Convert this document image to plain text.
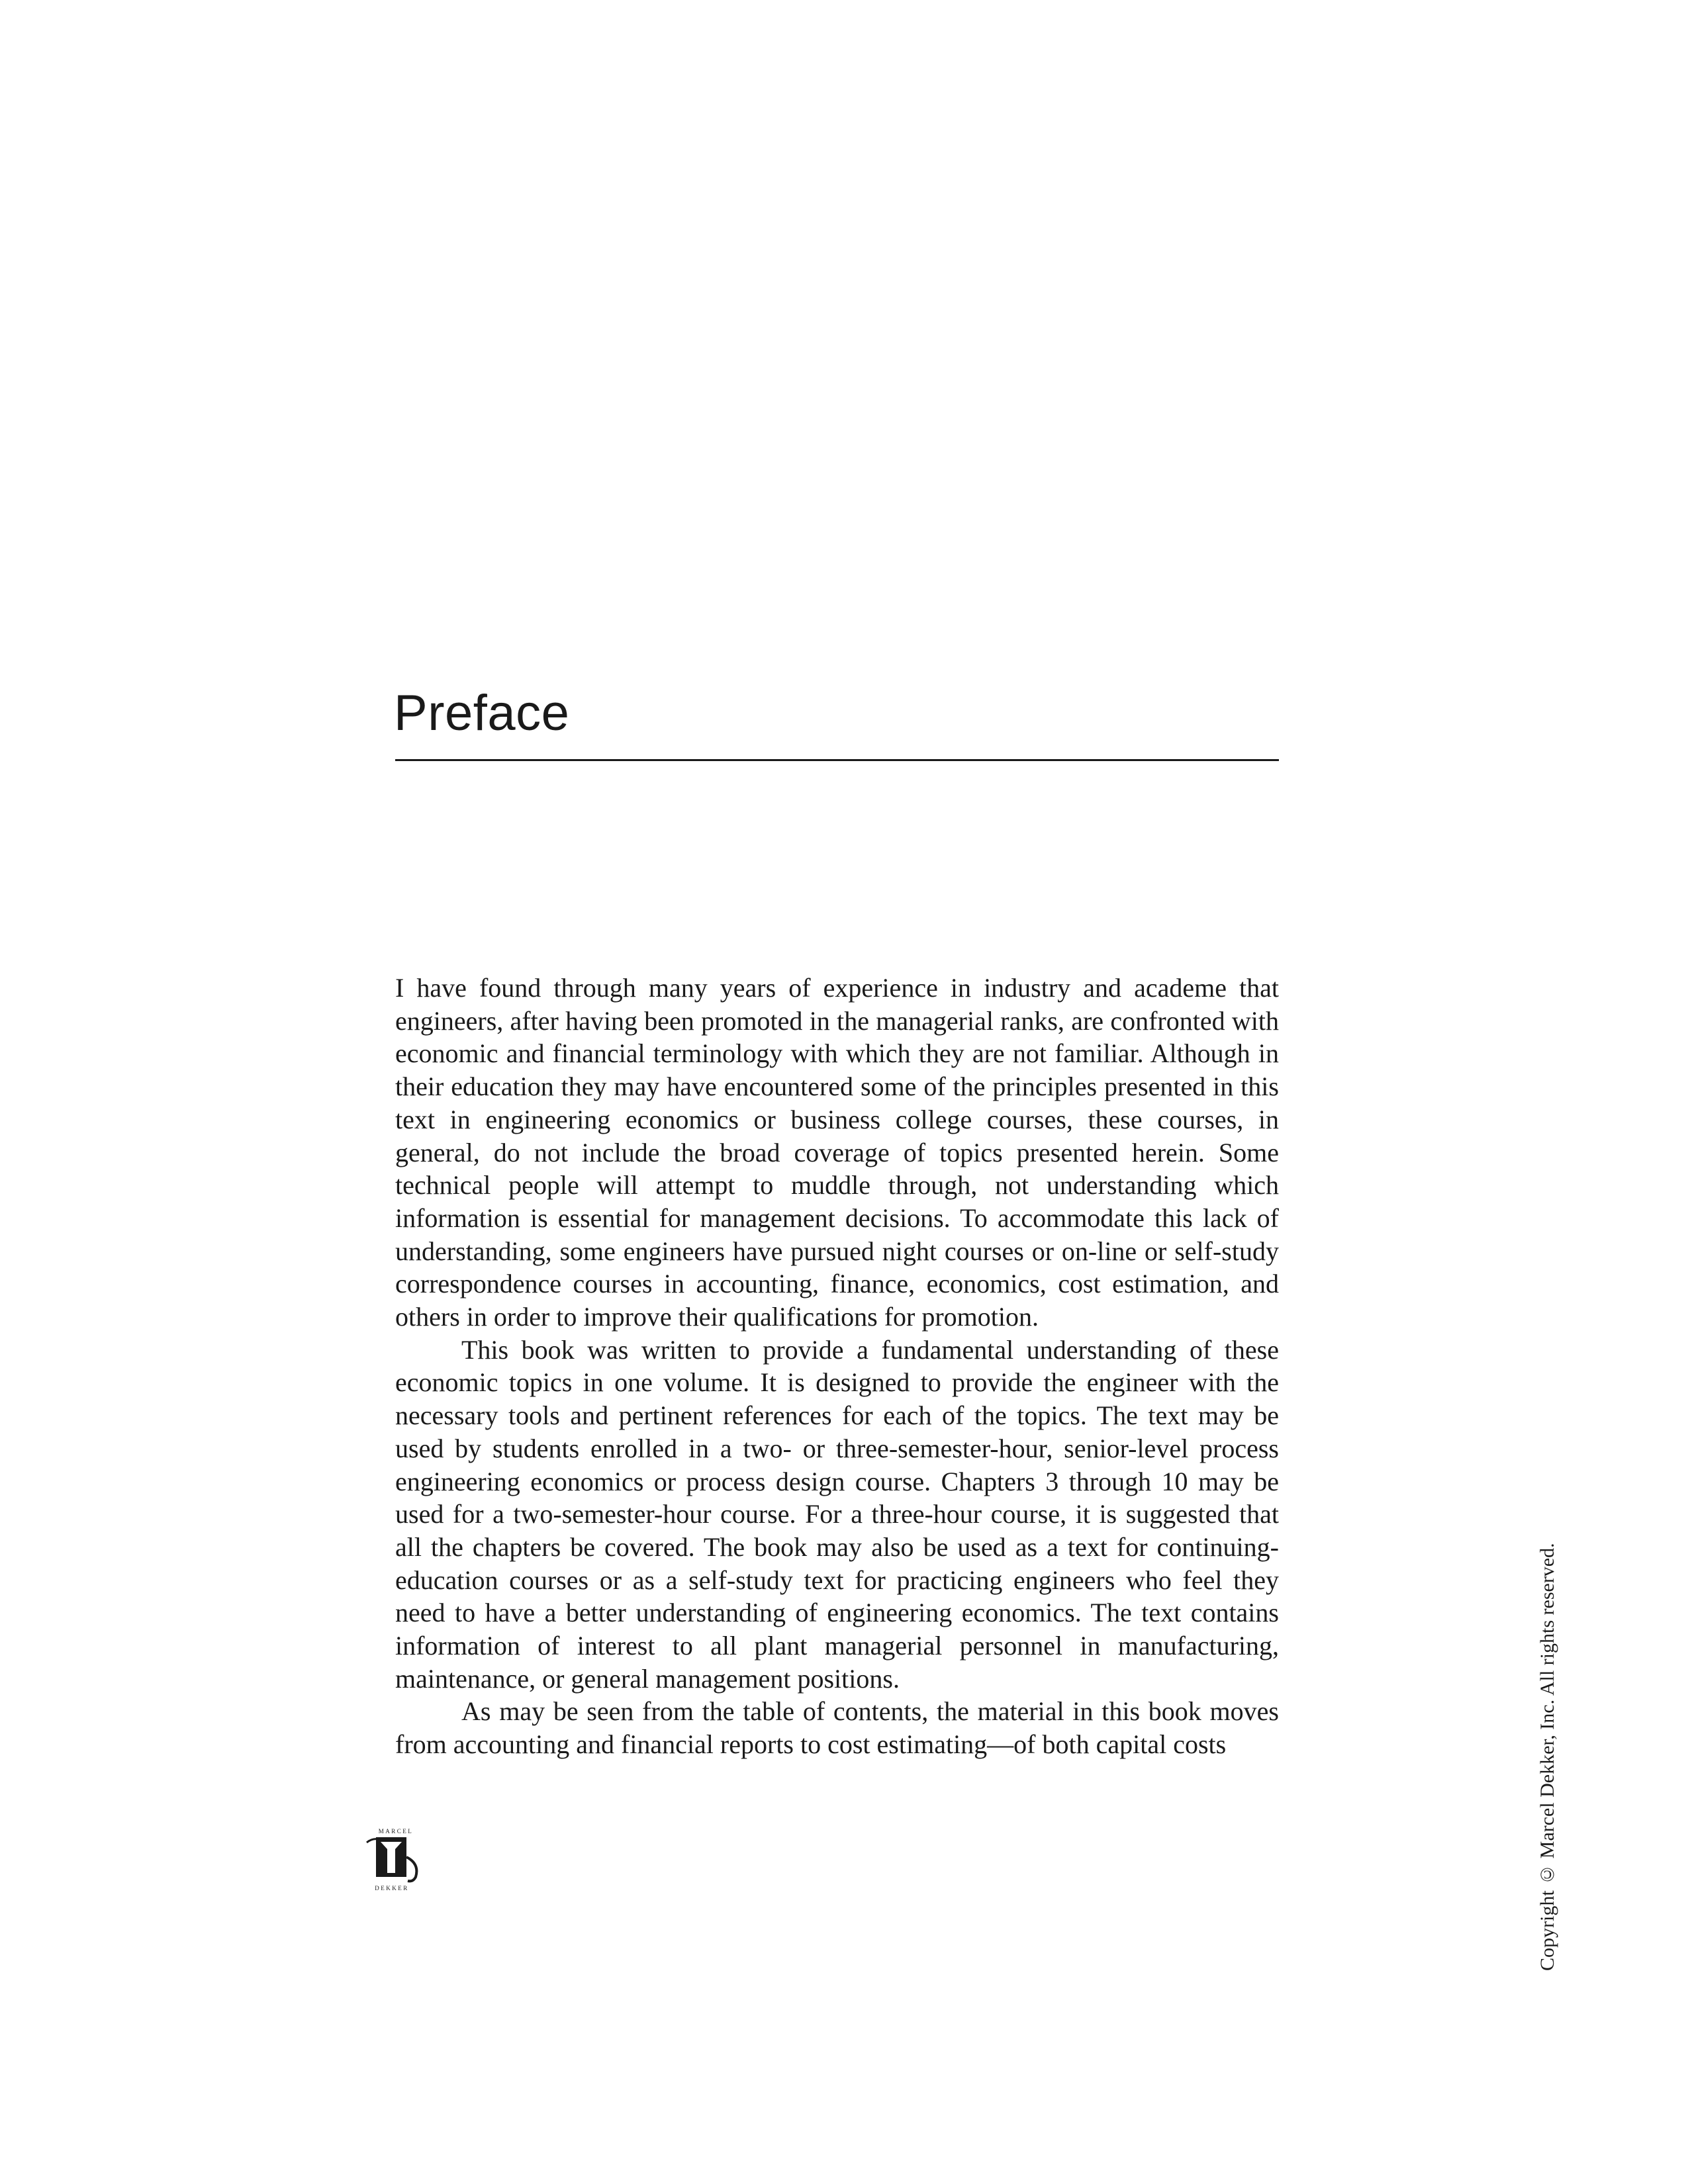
Preface

I have found through many years of experience in industry and academe that engineers, after having been promoted in the managerial ranks, are confronted with economic and financial terminology with which they are not familiar. Although in their education they may have encountered some of the principles presented in this text in engineering economics or business college courses, these courses, in general, do not include the broad coverage of topics presented herein. Some technical people will attempt to muddle through, not understanding which information is essential for management decisions. To accommodate this lack of understanding, some engineers have pursued night courses or on-line or self-study correspondence courses in accounting, finance, economics, cost estimation, and others in order to improve their qualifications for promotion.

This book was written to provide a fundamental understanding of these economic topics in one volume. It is designed to provide the engineer with the necessary tools and pertinent references for each of the topics. The text may be used by students enrolled in a two- or three-semester-hour, senior-level process engineering economics or process design course. Chapters 3 through 10 may be used for a two-semester-hour course. For a three-hour course, it is suggested that all the chapters be covered. The book may also be used as a text for continuing-education courses or as a self-study text for practicing engineers who feel they need to have a better understanding of engineering economics. The text contains information of interest to all plant managerial personnel in manufacturing, maintenance, or general management positions.

As may be seen from the table of contents, the material in this book moves from accounting and financial reports to cost estimating—of both capital costs

MARCEL
DEKKER	Copyright © Marcel Dekker, Inc. All rights reserved.
